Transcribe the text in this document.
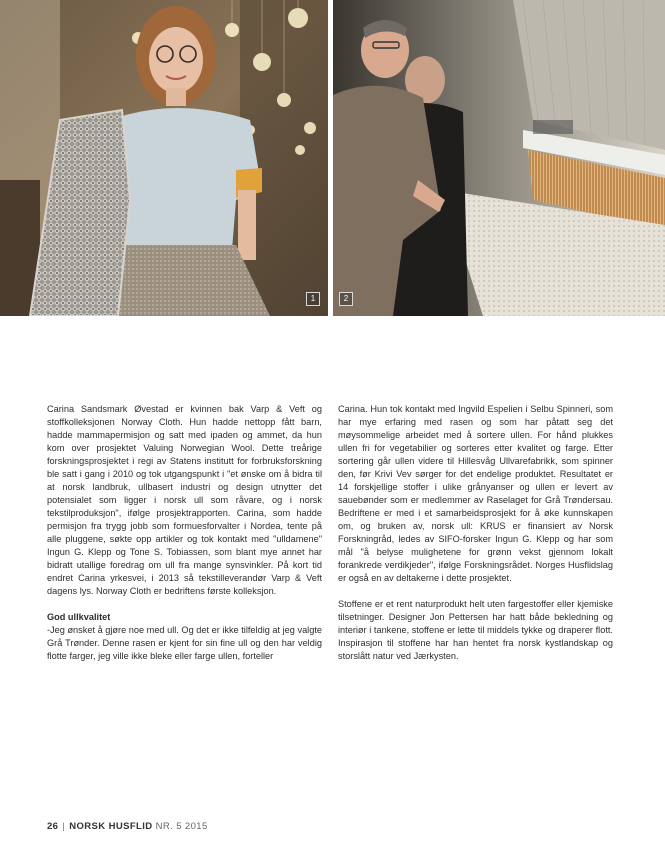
1	2

Carina Sandsmark Øvestad er kvinnen bak Varp & Veft og stoffkolleksjonen Norway Cloth. Hun hadde nettopp fått barn, hadde mammapermisjon og satt med ipaden og ammet, da hun kom over prosjektet Valuing Norwegian Wool. Dette treårige forskningsprosjektet i regi av Statens institutt for forbruksforskning ble satt i gang i 2010 og tok utgangspunkt i "et ønske om å bidra til at norsk landbruk, ullbasert industri og design utnytter det potensialet som ligger i norsk ull som råvare, og i norsk tekstilproduksjon", ifølge prosjektrapporten. Carina, som hadde permisjon fra trygg jobb som formuesforvalter i Nordea, tente på alle pluggene, søkte opp artikler og tok kontakt med "ulldamene" Ingun G. Klepp og Tone S. Tobiassen, som blant mye annet har bidratt utallige foredrag om ull fra mange synsvinkler. På kort tid endret Carina yrkesvei, i 2013 så tekstilleverandør Varp & Veft dagens lys. Norway Cloth er bedriftens første kolleksjon.

God ullkvalitet

-Jeg ønsket å gjøre noe med ull. Og det er ikke tilfeldig at jeg valgte Grå Trønder. Denne rasen er kjent for sin fine ull og den har veldig flotte farger, jeg ville ikke bleke eller farge ullen, forteller

Carina. Hun tok kontakt med Ingvild Espelien i Selbu Spinneri, som har mye erfaring med rasen og som har påtatt seg det møysommelige arbeidet med å sortere ullen. For hånd plukkes ullen fri for vegetabilier og sorteres etter kvalitet og farge. Etter sortering går ullen videre til Hillesvåg Ullvarefabrikk, som spinner den, før Krivi Vev sørger for det endelige produktet. Resultatet er 14 forskjellige stoffer i ulike grånyanser og ullen er levert av sauebønder som er medlemmer av Raselaget for Grå Trøndersau. Bedriftene er med i et samarbeidsprosjekt for å øke kunnskapen om, og bruken av, norsk ull: KRUS er finansiert av Norsk Forskningråd, ledes av SIFO-forsker Ingun G. Klepp og har som mål "å belyse mulighetene for grønn vekst gjennom lokalt forankrede verdikjeder", ifølge Forskningsrådet. Norges Husflidslag er også en av deltakerne i dette prosjektet.

Stoffene er et rent naturprodukt helt uten fargestoffer eller kjemiske tilsetninger. Designer Jon Pettersen har hatt både bekledning og interiør i tankene, stoffene er lette til middels tykke og draperer flott. Inspirasjon til stoffene har han hentet fra norsk kystlandskap og storslått natur ved Jærkysten.

26 | NORSK HUSFLID NR. 5 2015
